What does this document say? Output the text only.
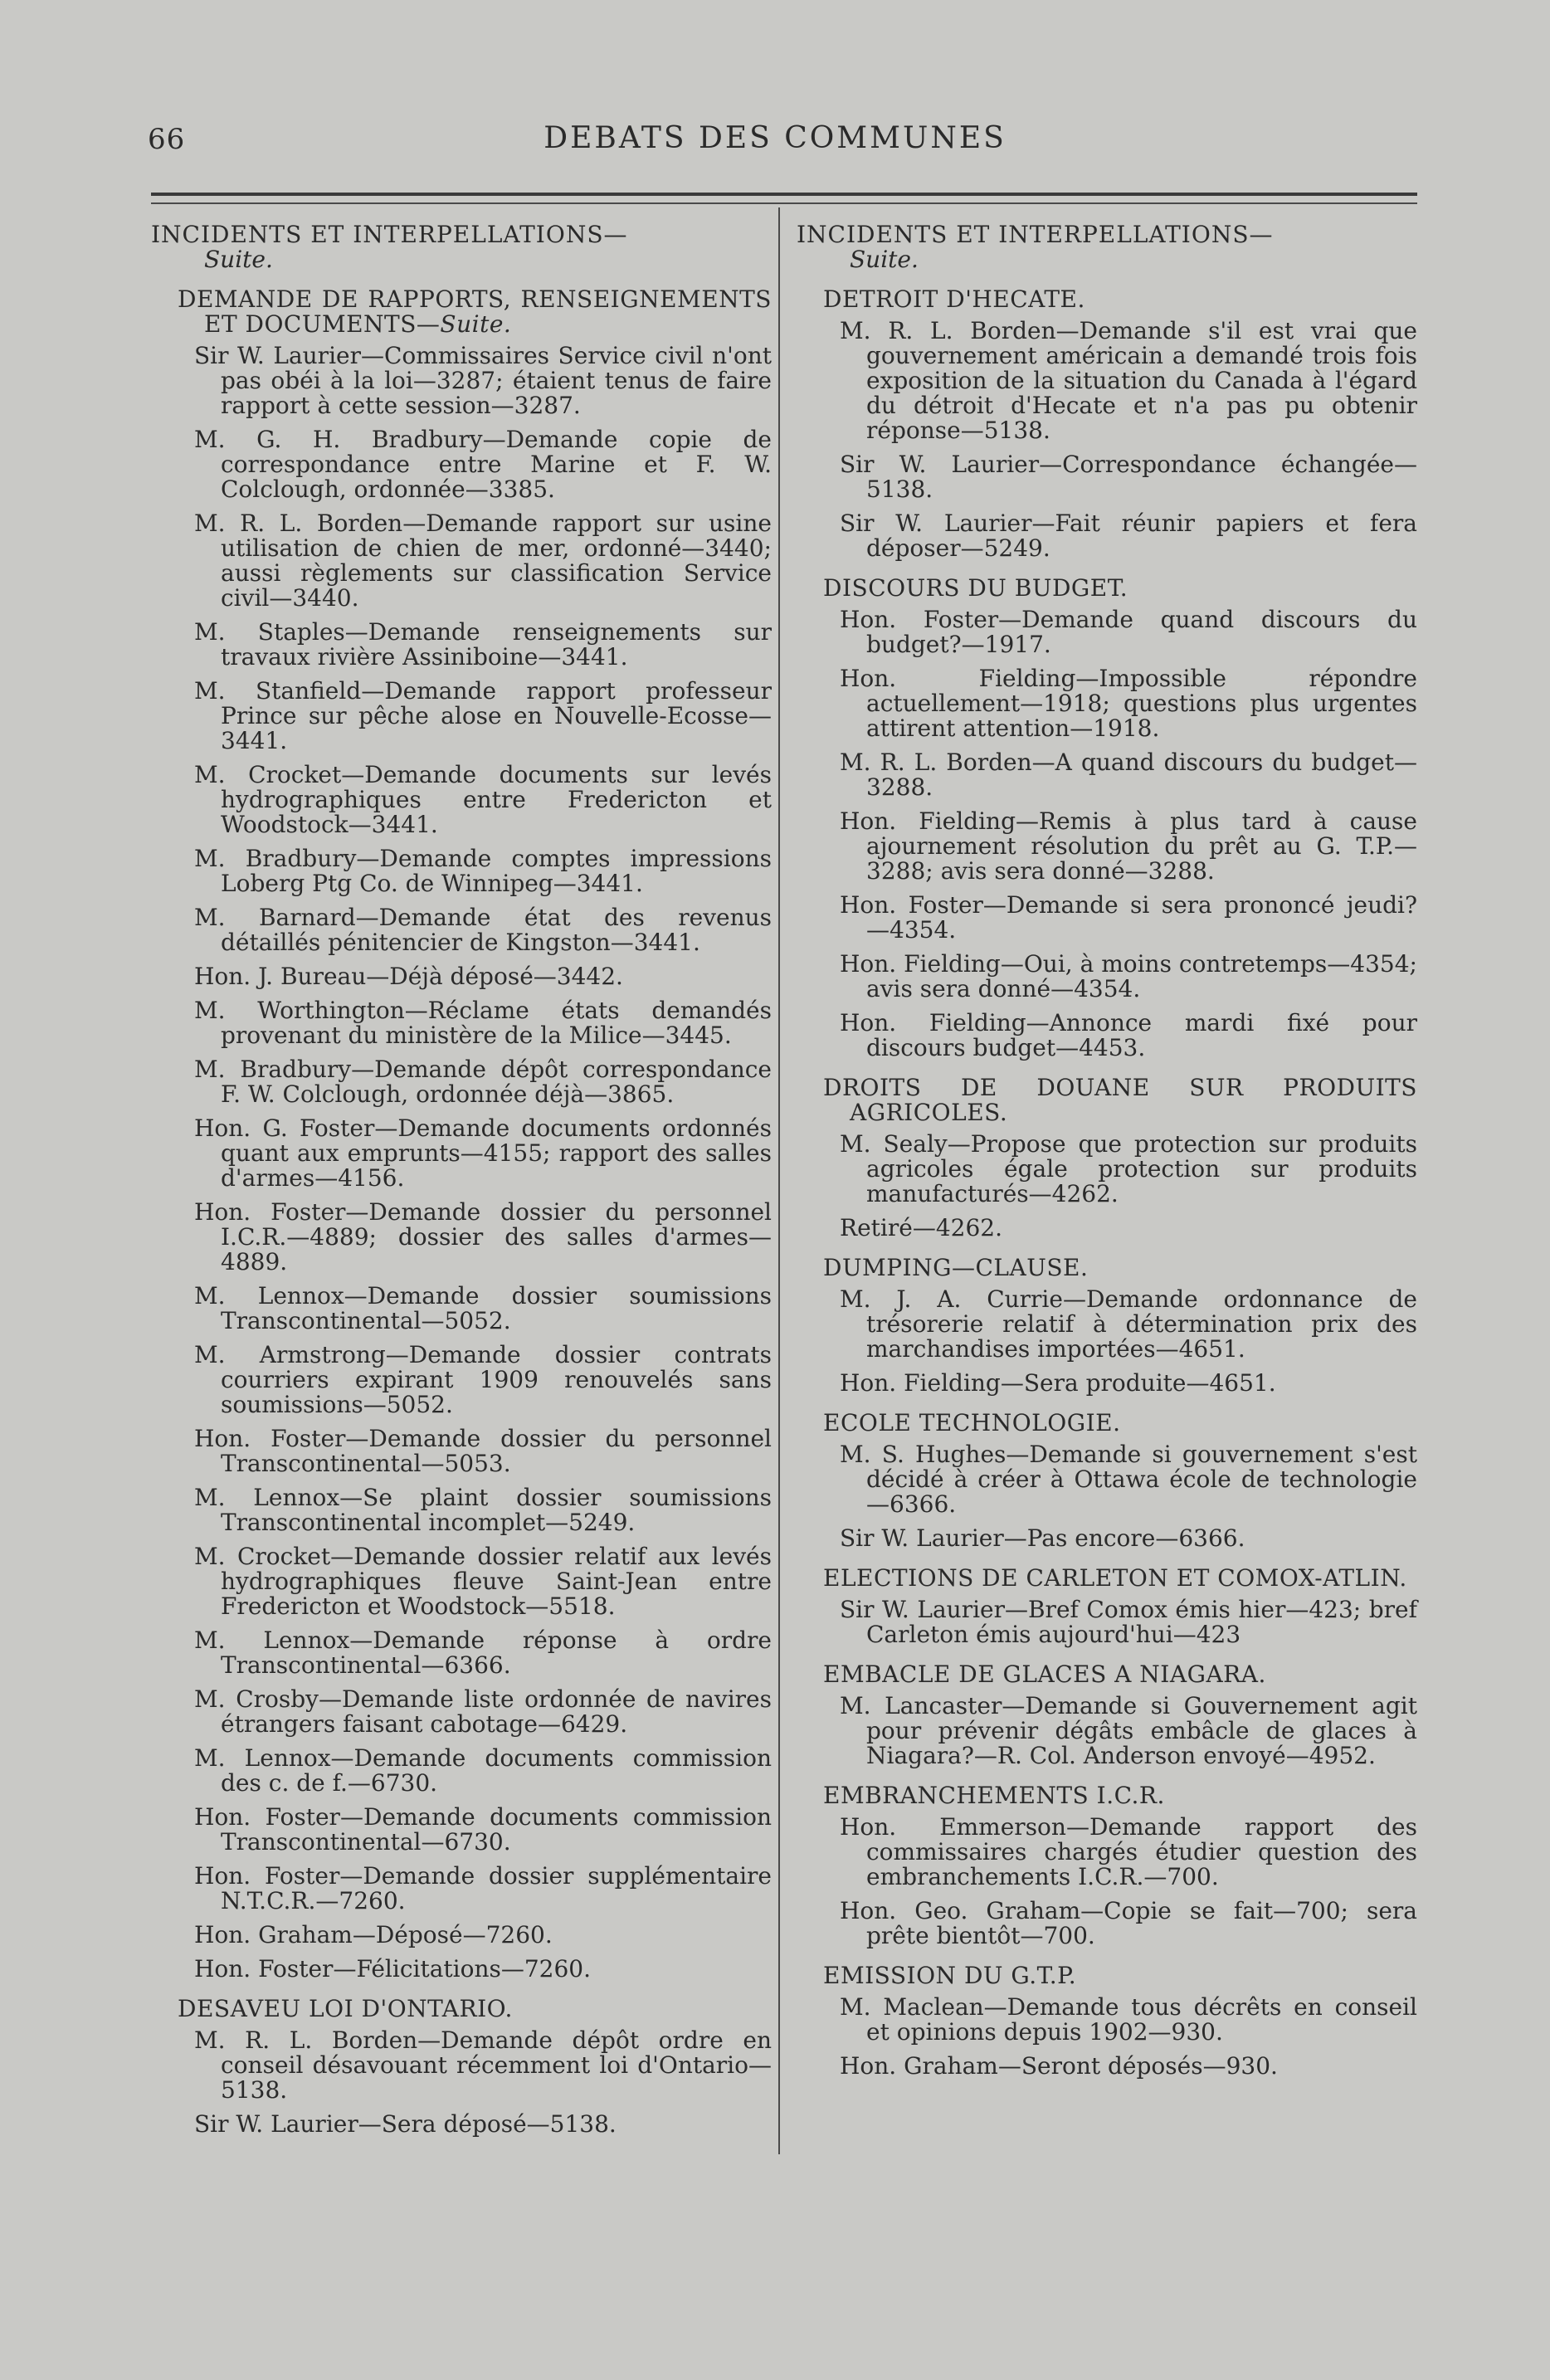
66	DEBATS DES COMMUNES
INCIDENTS ET INTERPELLATIONS—
Suite.
DEMANDE DE RAPPORTS, RENSEIGNEMENTS ET DOCUMENTS—Suite.
Sir W. Laurier—Commissaires Service civil n'ont pas obéi à la loi—3287; étaient tenus de faire rapport à cette session—3287.
M. G. H. Bradbury—Demande copie de correspondance entre Marine et F. W. Colclough, ordonnée—3385.
M. R. L. Borden—Demande rapport sur usine utilisation de chien de mer, ordonné—3440; aussi règlements sur classification Service civil—3440.
M. Staples—Demande renseignements sur travaux rivière Assiniboine—3441.
M. Stanfield—Demande rapport professeur Prince sur pêche alose en Nouvelle-Ecosse—3441.
M. Crocket—Demande documents sur levés hydrographiques entre Fredericton et Woodstock—3441.
M. Bradbury—Demande comptes impressions Loberg Ptg Co. de Winnipeg—3441.
M. Barnard—Demande état des revenus détaillés pénitencier de Kingston—3441.
Hon. J. Bureau—Déjà déposé—3442.
M. Worthington—Réclame états demandés provenant du ministère de la Milice—3445.
M. Bradbury—Demande dépôt correspondance F. W. Colclough, ordonnée déjà—3865.
Hon. G. Foster—Demande documents ordonnés quant aux emprunts—4155; rapport des salles d'armes—4156.
Hon. Foster—Demande dossier du personnel I.C.R.—4889; dossier des salles d'armes—4889.
M. Lennox—Demande dossier soumissions Transcontinental—5052.
M. Armstrong—Demande dossier contrats courriers expirant 1909 renouvelés sans soumissions—5052.
Hon. Foster—Demande dossier du personnel Transcontinental—5053.
M. Lennox—Se plaint dossier soumissions Transcontinental incomplet—5249.
M. Crocket—Demande dossier relatif aux levés hydrographiques fleuve Saint-Jean entre Fredericton et Woodstock—5518.
M. Lennox—Demande réponse à ordre Transcontinental—6366.
M. Crosby—Demande liste ordonnée de navires étrangers faisant cabotage—6429.
M. Lennox—Demande documents commission des c. de f.—6730.
Hon. Foster—Demande documents commission Transcontinental—6730.
Hon. Foster—Demande dossier supplémentaire N.T.C.R.—7260.
Hon. Graham—Déposé—7260.
Hon. Foster—Félicitations—7260.
DESAVEU LOI D'ONTARIO.
M. R. L. Borden—Demande dépôt ordre en conseil désavouant récemment loi d'Ontario—5138.
Sir W. Laurier—Sera déposé—5138.
INCIDENTS ET INTERPELLATIONS—
Suite.
DETROIT D'HECATE.
M. R. L. Borden—Demande s'il est vrai que gouvernement américain a demandé trois fois exposition de la situation du Canada à l'égard du détroit d'Hecate et n'a pas pu obtenir réponse—5138.
Sir W. Laurier—Correspondance échangée—5138.
Sir W. Laurier—Fait réunir papiers et fera déposer—5249.
DISCOURS DU BUDGET.
Hon. Foster—Demande quand discours du budget?—1917.
Hon. Fielding—Impossible répondre actuellement—1918; questions plus urgentes attirent attention—1918.
M. R. L. Borden—A quand discours du budget—3288.
Hon. Fielding—Remis à plus tard à cause ajournement résolution du prêt au G. T.P.—3288; avis sera donné—3288.
Hon. Foster—Demande si sera prononcé jeudi?—4354.
Hon. Fielding—Oui, à moins contretemps—4354; avis sera donné—4354.
Hon. Fielding—Annonce mardi fixé pour discours budget—4453.
DROITS DE DOUANE SUR PRODUITS AGRICOLES.
M. Sealy—Propose que protection sur produits agricoles égale protection sur produits manufacturés—4262.
Retiré—4262.
DUMPING—CLAUSE.
M. J. A. Currie—Demande ordonnance de trésorerie relatif à détermination prix des marchandises importées—4651.
Hon. Fielding—Sera produite—4651.
ECOLE TECHNOLOGIE.
M. S. Hughes—Demande si gouvernement s'est décidé à créer à Ottawa école de technologie—6366.
Sir W. Laurier—Pas encore—6366.
ELECTIONS DE CARLETON ET COMOX-ATLIN.
Sir W. Laurier—Bref Comox émis hier—423; bref Carleton émis aujourd'hui—423
EMBACLE DE GLACES A NIAGARA.
M. Lancaster—Demande si Gouvernement agit pour prévenir dégâts embâcle de glaces à Niagara?—R. Col. Anderson envoyé—4952.
EMBRANCHEMENTS I.C.R.
Hon. Emmerson—Demande rapport des commissaires chargés étudier question des embranchements I.C.R.—700.
Hon. Geo. Graham—Copie se fait—700; sera prête bientôt—700.
EMISSION DU G.T.P.
M. Maclean—Demande tous décrêts en conseil et opinions depuis 1902—930.
Hon. Graham—Seront déposés—930.
